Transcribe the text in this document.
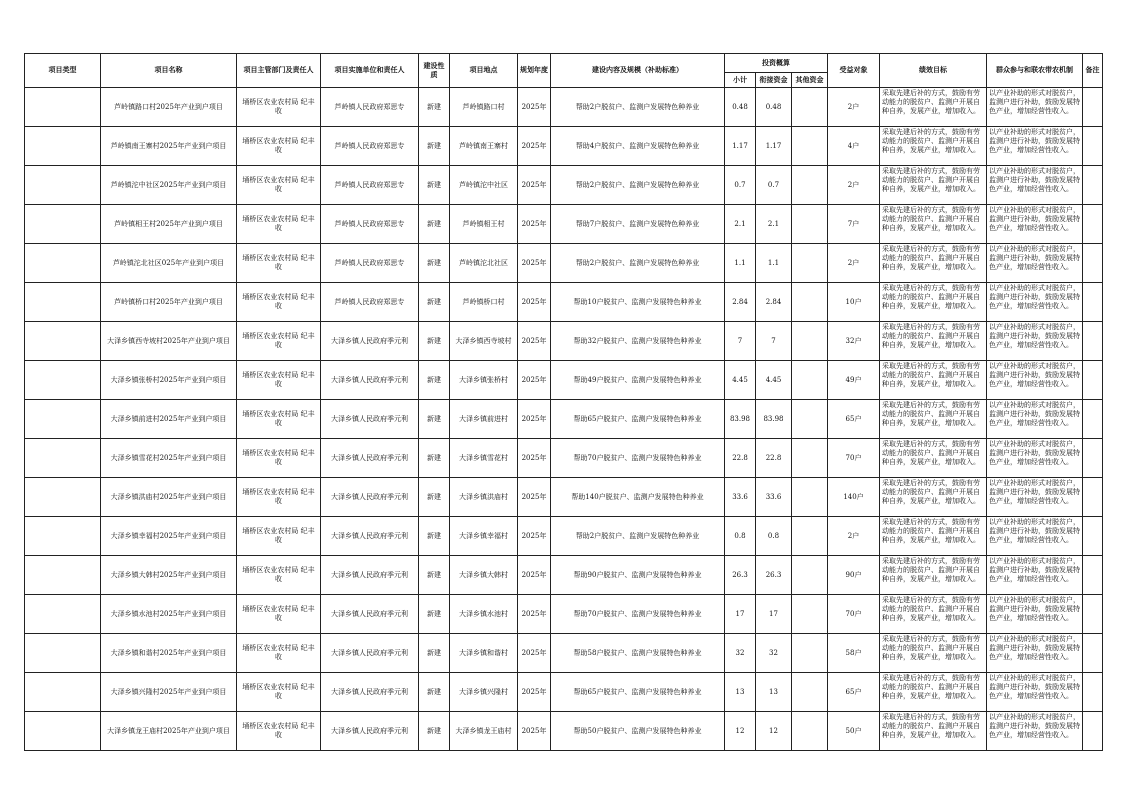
项目类型	项目名称	项目主管部门及责任人	项目实施单位和责任人	建设性质	项目地点	规划年度	建设内容及规模（补助标准）	投资概算			受益对象	绩效目标	群众参与和联农带农机制	备注
								小计	衔接资金	其他资金				
	芦岭镇路口村2025年产业到户项目	埇桥区农业农村局 纪丰收	芦岭镇人民政府郑思专	新建	芦岭镇路口村	2025年	帮助2户脱贫户、监测户发展特色种养业	0.48	0.48		2户	采取先建后补的方式，鼓励有劳动能力的脱贫户、监测户开展自种自养，发展产业，增加收入。	以产业补助的形式对脱贫户，监测户进行补助，鼓励发展特色产业，增加经营性收入。	

	芦岭镇南王寨村2025年产业到户项目	埇桥区农业农村局 纪丰收	芦岭镇人民政府郑思专	新建	芦岭镇南王寨村	2025年	帮助4户脱贫户、监测户发展特色种养业	1.17	1.17		4户	采取先建后补的方式，鼓励有劳动能力的脱贫户、监测户开展自种自养，发展产业，增加收入。	以产业补助的形式对脱贫户，监测户进行补助，鼓励发展特色产业，增加经营性收入。	

	芦岭镇沱中社区2025年产业到户项目	埇桥区农业农村局 纪丰收	芦岭镇人民政府郑思专	新建	芦岭镇沱中社区	2025年	帮助2户脱贫户、监测户发展特色种养业	0.7	0.7		2户	采取先建后补的方式，鼓励有劳动能力的脱贫户、监测户开展自种自养，发展产业，增加收入。	以产业补助的形式对脱贫户，监测户进行补助，鼓励发展特色产业，增加经营性收入。	

	芦岭镇相王村2025年产业到户项目	埇桥区农业农村局 纪丰收	芦岭镇人民政府郑思专	新建	芦岭镇相王村	2025年	帮助7户脱贫户、监测户发展特色种养业	2.1	2.1		7户	采取先建后补的方式，鼓励有劳动能力的脱贫户、监测户开展自种自养，发展产业，增加收入。	以产业补助的形式对脱贫户，监测户进行补助，鼓励发展特色产业，增加经营性收入。	

	芦岭镇沱北社区025年产业到户项目	埇桥区农业农村局 纪丰收	芦岭镇人民政府郑思专	新建	芦岭镇沱北社区	2025年	帮助2户脱贫户、监测户发展特色种养业	1.1	1.1		2户	采取先建后补的方式，鼓励有劳动能力的脱贫户、监测户开展自种自养，发展产业，增加收入。	以产业补助的形式对脱贫户，监测户进行补助，鼓励发展特色产业，增加经营性收入。	

	芦岭镇桥口村2025年产业到户项目	埇桥区农业农村局 纪丰收	芦岭镇人民政府郑思专	新建	芦岭镇桥口村	2025年	帮助10户脱贫户、监测户发展特色种养业	2.84	2.84		10户	采取先建后补的方式，鼓励有劳动能力的脱贫户、监测户开展自种自养，发展产业，增加收入。	以产业补助的形式对脱贫户，监测户进行补助，鼓励发展特色产业，增加经营性收入。	

	大泽乡镇西寺坡村2025年产业到户项目	埇桥区农业农村局 纪丰收	大泽乡镇人民政府季元利	新建	大泽乡镇西寺坡村	2025年	帮助32户脱贫户、监测户发展特色种养业	7	7		32户	采取先建后补的方式，鼓励有劳动能力的脱贫户、监测户开展自种自养，发展产业，增加收入。	以产业补助的形式对脱贫户，监测户进行补助，鼓励发展特色产业，增加经营性收入。	

	大泽乡镇张桥村2025年产业到户项目	埇桥区农业农村局 纪丰收	大泽乡镇人民政府季元利	新建	大泽乡镇张桥村	2025年	帮助49户脱贫户、监测户发展特色种养业	4.45	4.45		49户	采取先建后补的方式，鼓励有劳动能力的脱贫户、监测户开展自种自养，发展产业，增加收入。	以产业补助的形式对脱贫户，监测户进行补助，鼓励发展特色产业，增加经营性收入。	

	大泽乡镇前进村2025年产业到户项目	埇桥区农业农村局 纪丰收	大泽乡镇人民政府季元利	新建	大泽乡镇前进村	2025年	帮助65户脱贫户、监测户发展特色种养业	83.98	83.98		65户	采取先建后补的方式，鼓励有劳动能力的脱贫户、监测户开展自种自养，发展产业，增加收入。	以产业补助的形式对脱贫户，监测户进行补助，鼓励发展特色产业，增加经营性收入。	

	大泽乡镇雪花村2025年产业到户项目	埇桥区农业农村局 纪丰收	大泽乡镇人民政府季元利	新建	大泽乡镇雪花村	2025年	帮助70户脱贫户、监测户发展特色种养业	22.8	22.8		70户	采取先建后补的方式，鼓励有劳动能力的脱贫户、监测户开展自种自养，发展产业，增加收入。	以产业补助的形式对脱贫户，监测户进行补助，鼓励发展特色产业，增加经营性收入。	

	大泽乡镇洪庙村2025年产业到户项目	埇桥区农业农村局 纪丰收	大泽乡镇人民政府季元利	新建	大泽乡镇洪庙村	2025年	帮助140户脱贫户、监测户发展特色种养业	33.6	33.6		140户	采取先建后补的方式，鼓励有劳动能力的脱贫户、监测户开展自种自养，发展产业，增加收入。	以产业补助的形式对脱贫户，监测户进行补助，鼓励发展特色产业，增加经营性收入。	

	大泽乡镇幸福村2025年产业到户项目	埇桥区农业农村局 纪丰收	大泽乡镇人民政府季元利	新建	大泽乡镇幸福村	2025年	帮助2户脱贫户、监测户发展特色种养业	0.8	0.8		2户	采取先建后补的方式，鼓励有劳动能力的脱贫户、监测户开展自种自养，发展产业，增加收入。	以产业补助的形式对脱贫户，监测户进行补助，鼓励发展特色产业，增加经营性收入。	

	大泽乡镇大韩村2025年产业到户项目	埇桥区农业农村局 纪丰收	大泽乡镇人民政府季元利	新建	大泽乡镇大韩村	2025年	帮助90户脱贫户、监测户发展特色种养业	26.3	26.3		90户	采取先建后补的方式，鼓励有劳动能力的脱贫户、监测户开展自种自养，发展产业，增加收入。	以产业补助的形式对脱贫户，监测户进行补助，鼓励发展特色产业，增加经营性收入。	

	大泽乡镇水池村2025年产业到户项目	埇桥区农业农村局 纪丰收	大泽乡镇人民政府季元利	新建	大泽乡镇水池村	2025年	帮助70户脱贫户、监测户发展特色种养业	17	17		70户	采取先建后补的方式，鼓励有劳动能力的脱贫户、监测户开展自种自养，发展产业，增加收入。	以产业补助的形式对脱贫户，监测户进行补助，鼓励发展特色产业，增加经营性收入。	

	大泽乡镇和谐村2025年产业到户项目	埇桥区农业农村局 纪丰收	大泽乡镇人民政府季元利	新建	大泽乡镇和谐村	2025年	帮助58户脱贫户、监测户发展特色种养业	32	32		58户	采取先建后补的方式，鼓励有劳动能力的脱贫户、监测户开展自种自养，发展产业，增加收入。	以产业补助的形式对脱贫户，监测户进行补助，鼓励发展特色产业，增加经营性收入。	

	大泽乡镇兴隆村2025年产业到户项目	埇桥区农业农村局 纪丰收	大泽乡镇人民政府季元利	新建	大泽乡镇兴隆村	2025年	帮助65户脱贫户、监测户发展特色种养业	13	13		65户	采取先建后补的方式，鼓励有劳动能力的脱贫户、监测户开展自种自养，发展产业，增加收入。	以产业补助的形式对脱贫户，监测户进行补助，鼓励发展特色产业，增加经营性收入。	

	大泽乡镇龙王庙村2025年产业到户项目	埇桥区农业农村局 纪丰收	大泽乡镇人民政府季元利	新建	大泽乡镇龙王庙村	2025年	帮助50户脱贫户、监测户发展特色种养业	12	12		50户	采取先建后补的方式，鼓励有劳动能力的脱贫户、监测户开展自种自养，发展产业，增加收入。	以产业补助的形式对脱贫户，监测户进行补助，鼓励发展特色产业，增加经营性收入。	
